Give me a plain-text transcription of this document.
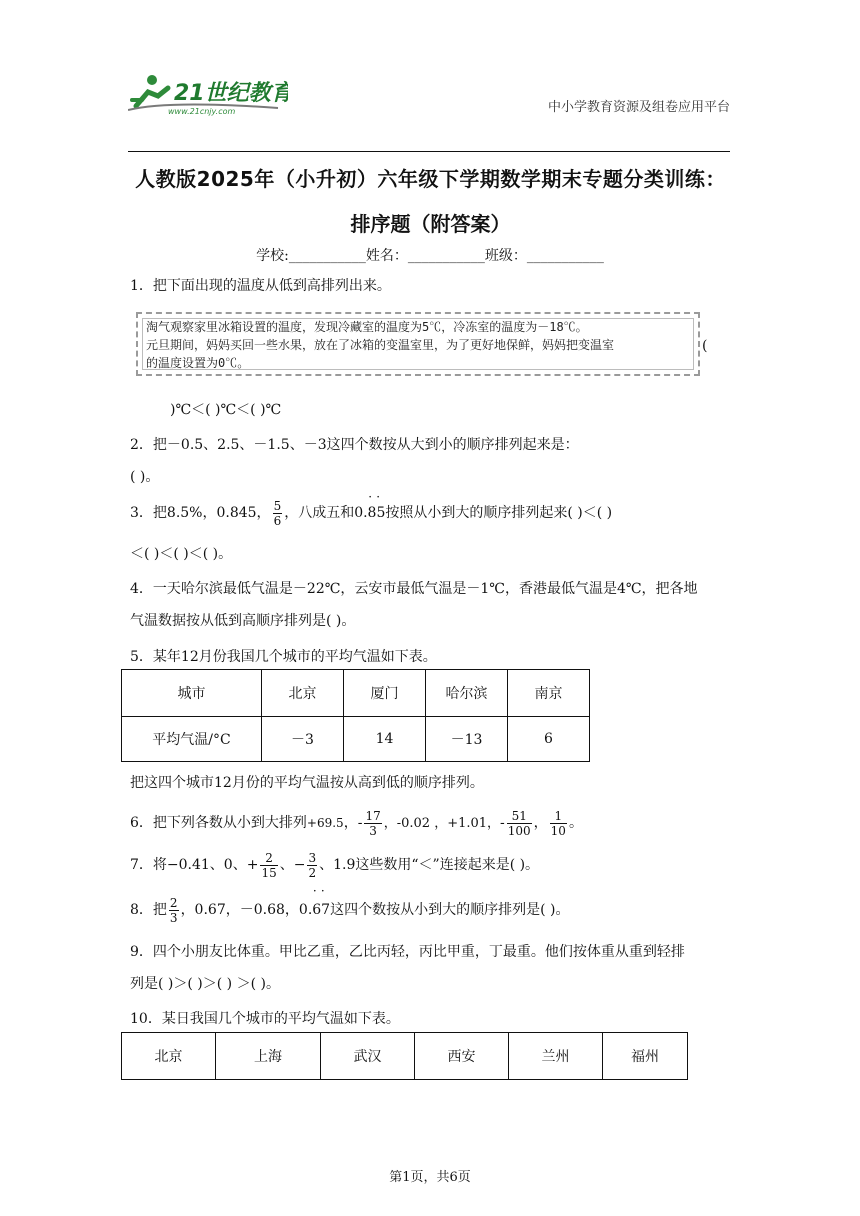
21世纪教育
www.21cnjy.com	中小学教育资源及组卷应用平台
人教版2025年（小升初）六年级下学期数学期末专题分类训练：
排序题（附答案）
学校:___________姓名：___________班级：___________
1．把下面出现的温度从低到高排列出来。
淘气观察家里冰箱设置的温度，发现冷藏室的温度为5℃，冷冻室的温度为－18℃。
元旦期间，妈妈买回一些水果，放在了冰箱的变温室里，为了更好地保鲜，妈妈把变温室
的温度设置为0℃。
(
)℃＜( )℃＜( )℃
2．把－0.5、2.5、－1.5、－3这四个数按从大到小的顺序排列起来是：
( )。
3．把8.5%，0.845， $\frac{5}{6}$ ，八成五和0.85
· ·
按照从小到大的顺序排列起来( )＜( )
＜( )＜( )＜( )。
4．一天哈尔滨最低气温是－22℃，云安市最低气温是－1℃，香港最低气温是4℃，把各地
气温数据按从低到高顺序排列是( )。
5．某年12月份我国几个城市的平均气温如下表。
城市	北京	厦门	哈尔滨	南京
平均气温/°C	－3	14	－13	6
把这四个城市12月份的平均气温按从高到低的顺序排列。
6．把下列各数从小到大排列+69.5，- $\frac{17}{3}$ ，-0.02 ，+1.01，- $\frac{51}{100}$ ， $\frac{1}{10}$ 。
7．将−0.41、0、+ $\frac{2}{15}$ 、− $\frac{3}{2}$ 、1.9这些数用“＜”连接起来是( )。
8．把 $\frac{2}{3}$ ，0.67，－0.68，0.67
· ·
这四个数按从小到大的顺序排列是( )。
9．四个小朋友比体重。甲比乙重，乙比丙轻，丙比甲重，丁最重。他们按体重从重到轻排
列是( )＞( )＞( ) ＞( )。
10．某日我国几个城市的平均气温如下表。
北京	上海	武汉	西安	兰州	福州
第1页，共6页
